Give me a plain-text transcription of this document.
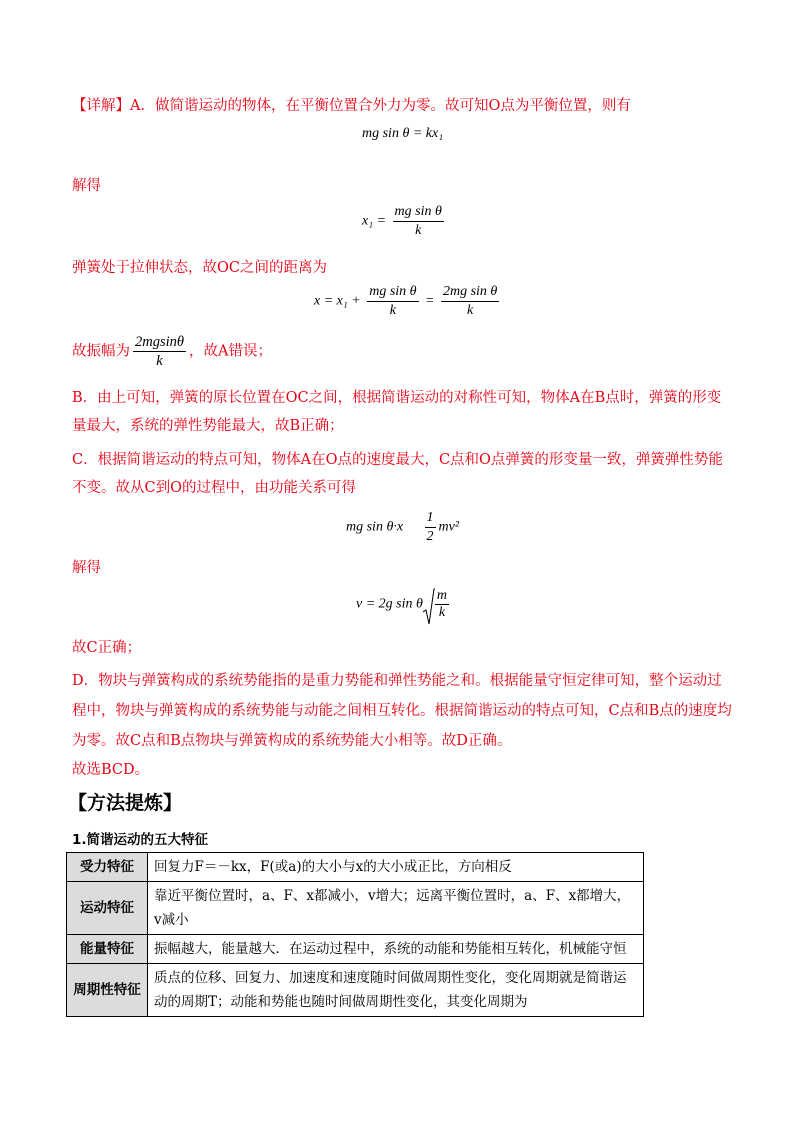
【详解】A．做简谐运动的物体，在平衡位置合外力为零。故可知O点为平衡位置，则有

mg sin θ = kx₁

解得

$x_1 = \frac{\text{mg sin θ}}{k}$

弹簧处于拉伸状态，故OC之间的距离为

$x = x_1 + \frac{\text{mg sin θ}}{k} = \frac{\text{2mg sin θ}}{k}$
故振幅为 $\frac{2mgsin\theta}{k}$ ，故A错误；

B．由上可知，弹簧的原长位置在OC之间，根据简谐运动的对称性可知，物体A在B点时，弹簧的形变量最大，系统的弹性势能最大，故B正确；

C．根据简谐运动的特点可知，物体A在O点的速度最大，C点和O点弹簧的形变量一致，弹簧弹性势能不变。故从C到O的过程中，由功能关系可得

mg $\sin \theta\cdot x \frac{1}{2} mv^2$

解得

v = 2g sin θ $\frac{m}{k}$

故C正确；

D．物块与弹簧构成的系统势能指的是重力势能和弹性势能之和。根据能量守恒定律可知，整个运动过程中，物块与弹簧构成的系统势能与动能之间相互转化。根据简谐运动的特点可知，C点和B点的速度均为零。故C点和B点物块与弹簧构成的系统势能大小相等。故D正确。

故选BCD。

【方法提炼】

1.简谐运动的五大特征

受力特征	回复力F＝－kx，F(或a)的大小与x的大小成正比，方向相反
运动特征	靠近平衡位置时，a、F、x都减小，v增大；远离平衡位置时，a、F、x都增大，v减小
能量特征	振幅越大，能量越大．在运动过程中，系统的动能和势能相互转化，机械能守恒
周期性特征	质点的位移、回复力、加速度和速度随时间做周期性变化，变化周期就是简谐运动的周期T；动能和势能也随时间做周期性变化，其变化周期为
